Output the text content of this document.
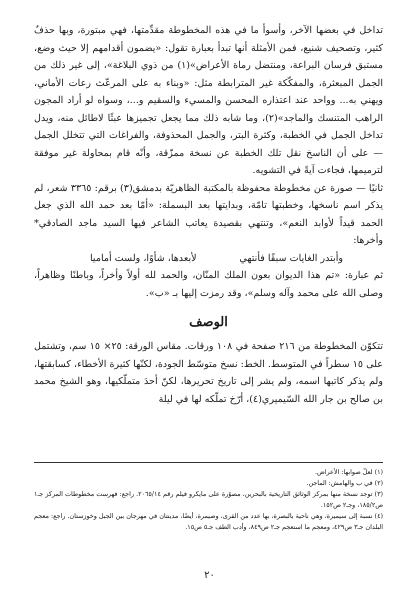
تداخل في بعضها الآخر، وأسوأ ما في هذه المخطوطة مقدِّمتها، فهي مبتورة، وبها حذفٌ كثير، وتصحيف شنيع، فمن الأمثلة أنها تبدأ بعبارة تقول: «يضمون أقدامهم إلا حيث وضع، مستبق فرسان البراعة، ومنتضل رماة الأعراض»(١) من ذوي البلاغة»، إلى غير ذلك من الجمل المبعثرة، والمفكّكة غير المترابطة مثل: «وبناء به على المرعّث رعات الأماني، ويهني به... وواحد عند اعتذاره المحسن والمسيء والسقيم و...، وسواه لو أراد المجون الراهب المتنسك والماجد»(٢)، وما شابه ذلك مما يجعل تجميزها عبثًا لاطائل منه، ويدل تداخل الجمل في الخطبة، وكثرة البتر، والجمل المحذوفة، والفراغات التي تتخلل الجمل — على أن الناسخ نقل تلك الخطبة عن نسخة ممزّقة، وأنّه قام بمحاولة غير موفقة لترميمها، فجاءت آيةً في التشويه.

ثانيًا — صورة عن مخطوطة محفوظة بالمكتبة الظاهريّة بدمشق(٣) برقم: ٣٣٦٥ شعر، لم يذكر اسم ناسخها، وخطبتها تامّة، وبدايتها بعد البسملة: «أمّا بعد حمد الله الذي جعل الحمد قيداً لأوابد النعم»، وتنتهي بقصيدة يعاتب الشاعر فيها السيد ماجد الصادقي* وأخرها:

وأبتدر الغايات سبقًا فأنتهي
لأبعدها، شأوًا، ولست أماميا

ثم عبارة: «تم هذا الديوان بعون الملك المنّان، والحمد لله أولاً وأخراً، وباطنًا وظاهراً، وصلى الله على محمد وآله وسلم»، وقد رمزت إليها بـ «ب».

الوصف

تتكوّن المخطوطة من ٢١٦ صفحة في ١٠٨ ورقات. مقاس الورقة: ٢٥× ١٥ سم، وتشتمل على ١٥ سطراً في المتوسط. الخط: نسخ متوسّط الجودة، لكنّها كثيرة الأخطاء، كسابقتها، ولم يذكر كاتبها اسمه، ولم يشر إلى تاريخ تحريرها، لكنّ أحدَ متملّكيها، وهو الشيخ محمد بن صالح بن جار الله السّيميري(٤)، أرّخ تملّكه لها في ليلة

(١) لعلّ صوابها: الأعراض.

(٢) في ب والهامش: الماجن.

(٣) توجد نسخة منها بمركز الوثائق التاريخية بالبحرين، مصوّرة على مايكرو فيلم رقم ٢٠٦٥/١٤. راجع: فهرست مخطوطات المركز جـ١ ص١٨٥/٢، وجـ٢ ص١٥٢.

(٤) نسبة إلى سيميرة، وهي ناحية بالبصرة، بها عدد من القرى، وصيمرة، أيضًا، مدينتان في مهرجان بين الجبل وخوزستان. راجع: معجم البلدان جـ٣ ص٤٢٩، ومعجم ما استعجم جـ٢ ص٨٤٩، وأدب الطف جـ٥ ص١٥.

٢٠
